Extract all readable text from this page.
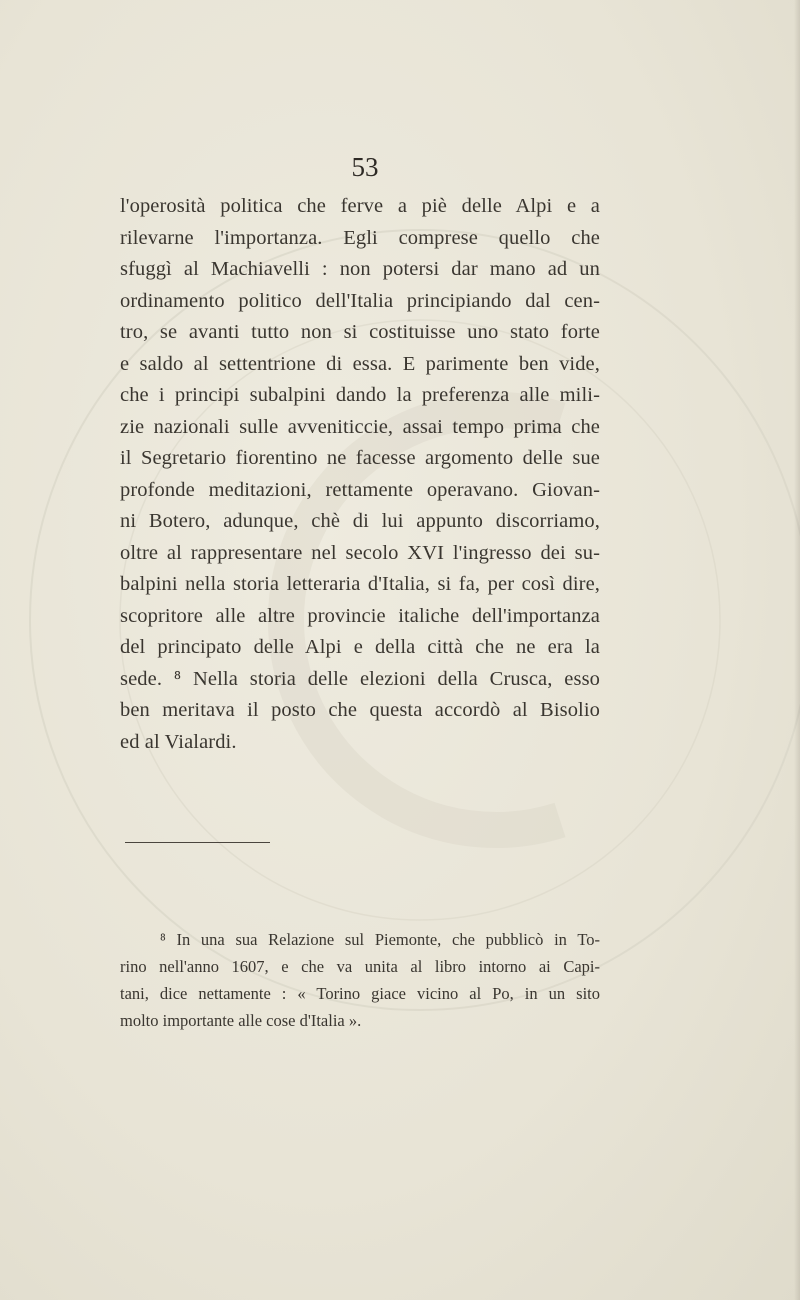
53
l'operosità politica che ferve a piè delle Alpi e a
rilevarne l'importanza. Egli comprese quello che
sfuggì al Machiavelli : non potersi dar mano ad un
ordinamento politico dell'Italia principiando dal cen-
tro, se avanti tutto non si costituisse uno stato forte
e saldo al settentrione di essa. E parimente ben vide,
che i principi subalpini dando la preferenza alle mili-
zie nazionali sulle avveniticcie, assai tempo prima che
il Segretario fiorentino ne facesse argomento delle sue
profonde meditazioni, rettamente operavano. Giovan-
ni Botero, adunque, chè di lui appunto discorriamo,
oltre al rappresentare nel secolo XVI l'ingresso dei su-
balpini nella storia letteraria d'Italia, si fa, per così dire,
scopritore alle altre provincie italiche dell'importanza
del principato delle Alpi e della città che ne era la
sede. ⁸ Nella storia delle elezioni della Crusca, esso
ben meritava il posto che questa accordò al Bisolio
ed al Vialardi.
⁸ In una sua Relazione sul Piemonte, che pubblicò in To-
rino nell'anno 1607, e che va unita al libro intorno ai Capi-
tani, dice nettamente : « Torino giace vicino al Po, in un sito
molto importante alle cose d'Italia ».
